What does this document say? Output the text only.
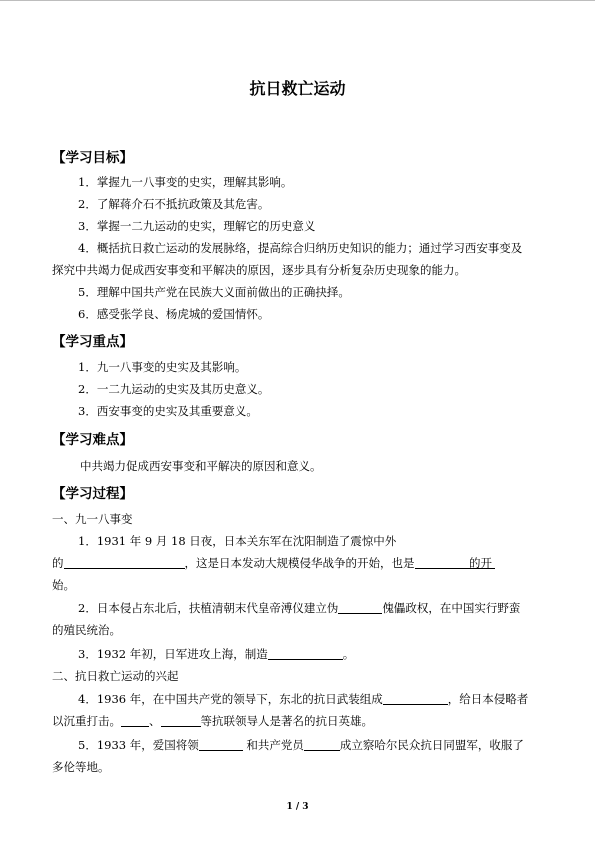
抗日救亡运动
【学习目标】
1．掌握九一八事变的史实，理解其影响。
2．了解蒋介石不抵抗政策及其危害。
3．掌握一二九运动的史实，理解它的历史意义
4．概括抗日救亡运动的发展脉络，提高综合归纳历史知识的能力；通过学习西安事变及
探究中共竭力促成西安事变和平解决的原因，逐步具有分析复杂历史现象的能力。
5．理解中国共产党在民族大义面前做出的正确抉择。
6．感受张学良、杨虎城的爱国情怀。
【学习重点】
1．九一八事变的史实及其影响。
2．一二九运动的史实及其历史意义。
3．西安事变的史实及其重要意义。
【学习难点】
中共竭力促成西安事变和平解决的原因和意义。
【学习过程】
一、九一八事变
1．1931 年 9 月 18 日夜，日本关东军在沈阳制造了震惊中外
的	，这是日本发动大规模侵华战争的开始，也是	的开
始。
2．日本侵占东北后，扶植清朝末代皇帝溥仪建立伪	傀儡政权，在中国实行野蛮
的殖民统治。
3．1932 年初，日军进攻上海，制造	。
二、抗日救亡运动的兴起
4．1936 年，在中国共产党的领导下，东北的抗日武装组成	，给日本侵略者
以沉重打击。 、	等抗联领导人是著名的抗日英雄。
5．1933 年，爱国将领	和共产党员	成立察哈尔民众抗日同盟军，收服了
多伦等地。
1 / 3
